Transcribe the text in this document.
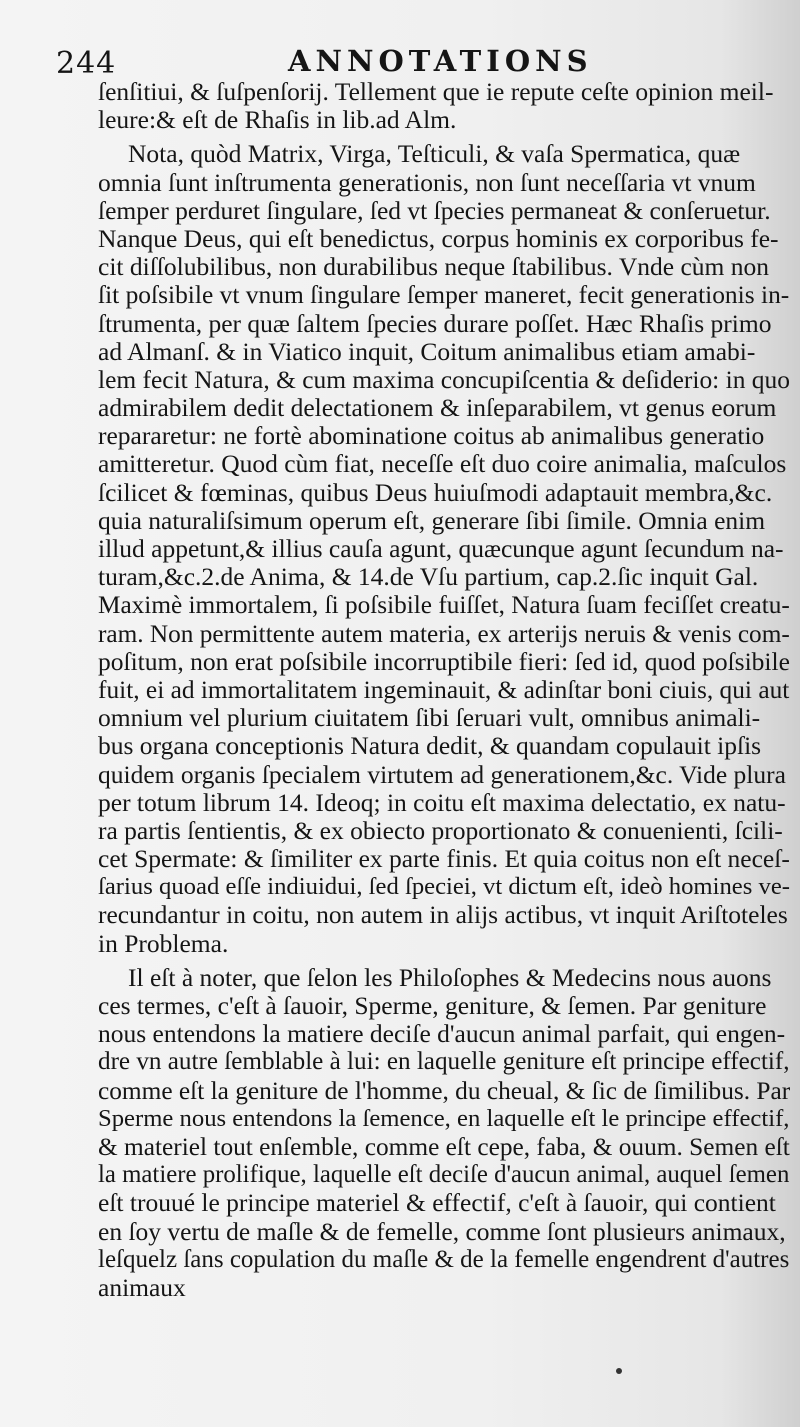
244	ANNOTATIONS
ſenſitiui, & ſuſpenſorij. Tellement que ie repute ceſte opinion meil-
leure:& eſt de Rhaſis in lib.ad Alm.
Nota, quòd Matrix, Virga, Teſticuli, & vaſa Spermatica, quæ
omnia ſunt inſtrumenta generationis, non ſunt neceſſaria vt vnum
ſemper perduret ſingulare, ſed vt ſpecies permaneat & conſeruetur.
Nanque Deus, qui eſt benedictus, corpus hominis ex corporibus fe-
cit diſſolubilibus, non durabilibus neque ſtabilibus. Vnde cùm non
ſit poſsibile vt vnum ſingulare ſemper maneret, fecit generationis in-
ſtrumenta, per quæ ſaltem ſpecies durare poſſet. Hæc Rhaſis primo
ad Almanſ. & in Viatico inquit, Coitum animalibus etiam amabi-
lem fecit Natura, & cum maxima concupiſcentia & deſiderio: in quo
admirabilem dedit delectationem & inſeparabilem, vt genus eorum
repararetur: ne fortè abominatione coitus ab animalibus generatio
amitteretur. Quod cùm fiat, neceſſe eſt duo coire animalia, maſculos
ſcilicet & fœminas, quibus Deus huiuſmodi adaptauit membra,&c.
quia naturaliſsimum operum eſt, generare ſibi ſimile. Omnia enim
illud appetunt,& illius cauſa agunt, quæcunque agunt ſecundum na-
turam,&c.2.de Anima, & 14.de Vſu partium, cap.2.ſic inquit Gal.
Maximè immortalem, ſi poſsibile fuiſſet, Natura ſuam feciſſet creatu-
ram. Non permittente autem materia, ex arterijs neruis & venis com-
poſitum, non erat poſsibile incorruptibile fieri: ſed id, quod poſsibile
fuit, ei ad immortalitatem ingeminauit, & adinſtar boni ciuis, qui aut
omnium vel plurium ciuitatem ſibi ſeruari vult, omnibus animali-
bus organa conceptionis Natura dedit, & quandam copulauit ipſis
quidem organis ſpecialem virtutem ad generationem,&c. Vide plura
per totum librum 14. Ideoq; in coitu eſt maxima delectatio, ex natu-
ra partis ſentientis, & ex obiecto proportionato & conuenienti, ſcili-
cet Spermate: & ſimiliter ex parte finis. Et quia coitus non eſt neceſ-
ſarius quoad eſſe indiuidui, ſed ſpeciei, vt dictum eſt, ideò homines ve-
recundantur in coitu, non autem in alijs actibus, vt inquit Ariſtoteles
in Problema.
Il eſt à noter, que ſelon les Philoſophes & Medecins nous auons
ces termes, c'eſt à ſauoir, Sperme, geniture, & ſemen. Par geniture
nous entendons la matiere deciſe d'aucun animal parfait, qui engen-
dre vn autre ſemblable à lui: en laquelle geniture eſt principe effectif,
comme eſt la geniture de l'homme, du cheual, & ſic de ſimilibus. Par
Sperme nous entendons la ſemence, en laquelle eſt le principe effectif,
& materiel tout enſemble, comme eſt cepe, faba, & ouum. Semen eſt
la matiere prolifique, laquelle eſt deciſe d'aucun animal, auquel ſemen
eſt trouué le principe materiel & effectif, c'eſt à ſauoir, qui contient
en ſoy vertu de maſle & de femelle, comme ſont plusieurs animaux,
leſquelz ſans copulation du maſle & de la femelle engendrent d'autres
animaux
